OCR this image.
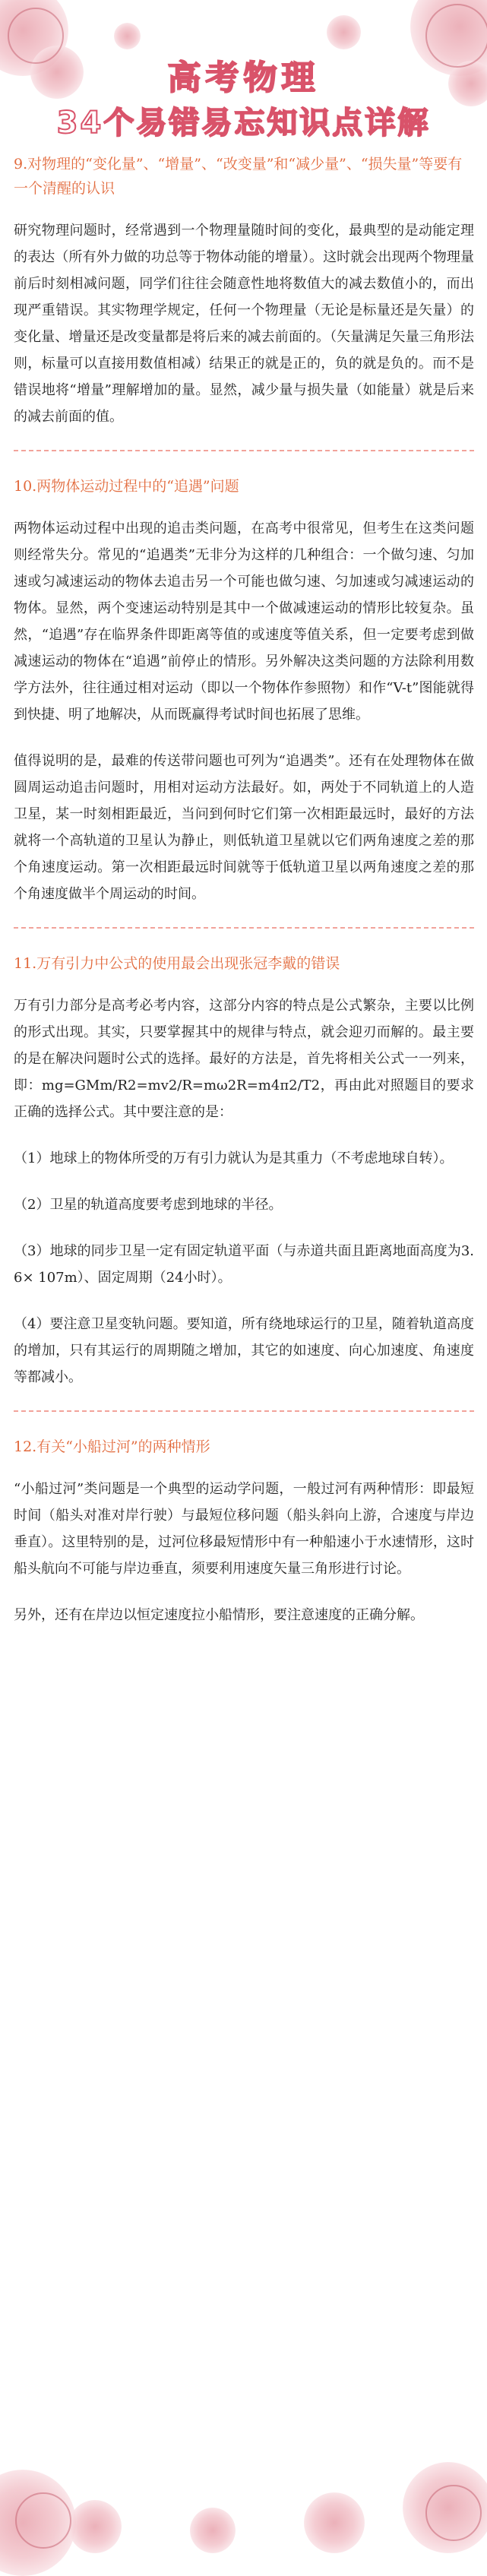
高考物理
34个易错易忘知识点详解
9.对物理的“变化量”、“增量”、“改变量”和“减少量”、“损失量”等要有一个清醒的认识

研究物理问题时，经常遇到一个物理量随时间的变化，最典型的是动能定理的表达（所有外力做的功总等于物体动能的增量）。这时就会出现两个物理量前后时刻相减问题，同学们往往会随意性地将数值大的减去数值小的，而出现严重错误。其实物理学规定，任何一个物理量（无论是标量还是矢量）的变化量、增量还是改变量都是将后来的减去前面的。（矢量满足矢量三角形法则，标量可以直接用数值相减）结果正的就是正的，负的就是负的。而不是错误地将“增量”理解增加的量。显然，减少量与损失量（如能量）就是后来的减去前面的值。

10.两物体运动过程中的“追遇”问题

两物体运动过程中出现的追击类问题，在高考中很常见，但考生在这类问题则经常失分。常见的“追遇类”无非分为这样的几种组合：一个做匀速、匀加速或匀减速运动的物体去追击另一个可能也做匀速、匀加速或匀减速运动的物体。显然，两个变速运动特别是其中一个做减速运动的情形比较复杂。虽然，“追遇”存在临界条件即距离等值的或速度等值关系，但一定要考虑到做减速运动的物体在“追遇”前停止的情形。另外解决这类问题的方法除利用数学方法外，往往通过相对运动（即以一个物体作参照物）和作“V-t”图能就得到快捷、明了地解决，从而既赢得考试时间也拓展了思维。

值得说明的是，最难的传送带问题也可列为“追遇类”。还有在处理物体在做圆周运动追击问题时，用相对运动方法最好。如，两处于不同轨道上的人造卫星，某一时刻相距最近，当问到何时它们第一次相距最远时，最好的方法就将一个高轨道的卫星认为静止，则低轨道卫星就以它们两角速度之差的那个角速度运动。第一次相距最远时间就等于低轨道卫星以两角速度之差的那个角速度做半个周运动的时间。

11.万有引力中公式的使用最会出现张冠李戴的错误

万有引力部分是高考必考内容，这部分内容的特点是公式繁杂，主要以比例的形式出现。其实，只要掌握其中的规律与特点，就会迎刃而解的。最主要的是在解决问题时公式的选择。最好的方法是，首先将相关公式一一列来，即：mg=GMm/R2=mv2/R=mω2R=m4π2/T2，再由此对照题目的要求正确的选择公式。其中要注意的是：

（1）地球上的物体所受的万有引力就认为是其重力（不考虑地球自转）。

（2）卫星的轨道高度要考虑到地球的半径。

（3）地球的同步卫星一定有固定轨道平面（与赤道共面且距离地面高度为3.6× 107m）、固定周期（24小时）。

（4）要注意卫星变轨问题。要知道，所有绕地球运行的卫星，随着轨道高度的增加，只有其运行的周期随之增加，其它的如速度、向心加速度、角速度等都减小。

12.有关“小船过河”的两种情形

“小船过河”类问题是一个典型的运动学问题，一般过河有两种情形：即最短时间（船头对准对岸行驶）与最短位移问题（船头斜向上游，合速度与岸边垂直）。这里特别的是，过河位移最短情形中有一种船速小于水速情形，这时船头航向不可能与岸边垂直，须要利用速度矢量三角形进行讨论。

另外，还有在岸边以恒定速度拉小船情形，要注意速度的正确分解。
